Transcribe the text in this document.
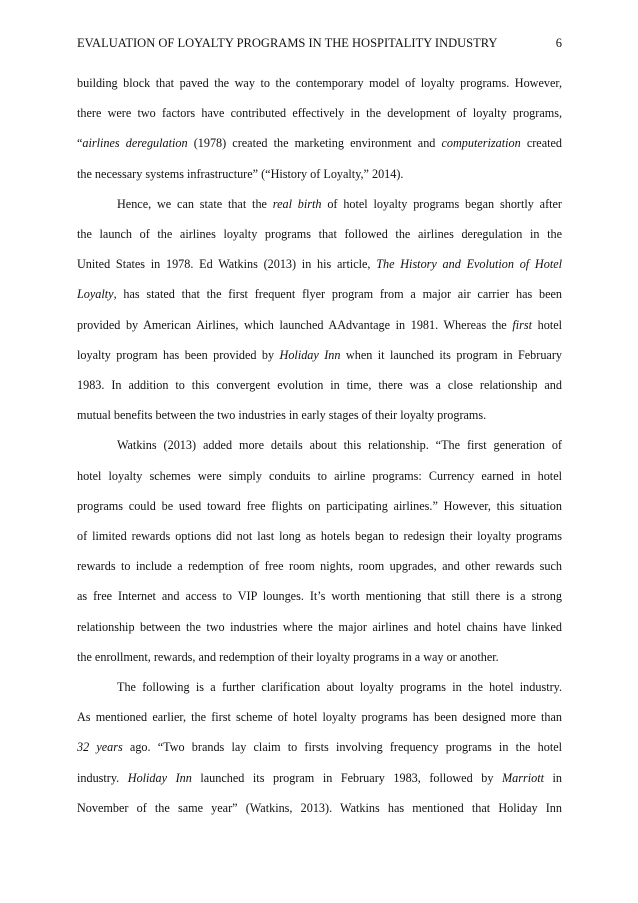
EVALUATION OF LOYALTY PROGRAMS IN THE HOSPITALITY INDUSTRY	6
building block that paved the way to the contemporary model of loyalty programs. However,
there were two factors have contributed effectively in the development of loyalty programs,
“airlines deregulation (1978) created the marketing environment and computerization created
the necessary systems infrastructure” (“History of Loyalty,” 2014).
Hence, we can state that the real birth of hotel loyalty programs began shortly after
the launch of the airlines loyalty programs that followed the airlines deregulation in the
United States in 1978. Ed Watkins (2013) in his article, The History and Evolution of Hotel
Loyalty, has stated that the first frequent flyer program from a major air carrier has been
provided by American Airlines, which launched AAdvantage in 1981. Whereas the first hotel
loyalty program has been provided by Holiday Inn when it launched its program in February
1983. In addition to this convergent evolution in time, there was a close relationship and
mutual benefits between the two industries in early stages of their loyalty programs.
Watkins (2013) added more details about this relationship. “The first generation of
hotel loyalty schemes were simply conduits to airline programs: Currency earned in hotel
programs could be used toward free flights on participating airlines.” However, this situation
of limited rewards options did not last long as hotels began to redesign their loyalty programs
rewards to include a redemption of free room nights, room upgrades, and other rewards such
as free Internet and access to VIP lounges. It’s worth mentioning that still there is a strong
relationship between the two industries where the major airlines and hotel chains have linked
the enrollment, rewards, and redemption of their loyalty programs in a way or another.
The following is a further clarification about loyalty programs in the hotel industry.
As mentioned earlier, the first scheme of hotel loyalty programs has been designed more than
32 years ago. “Two brands lay claim to firsts involving frequency programs in the hotel
industry. Holiday Inn launched its program in February 1983, followed by Marriott in
November of the same year” (Watkins, 2013). Watkins has mentioned that Holiday Inn
